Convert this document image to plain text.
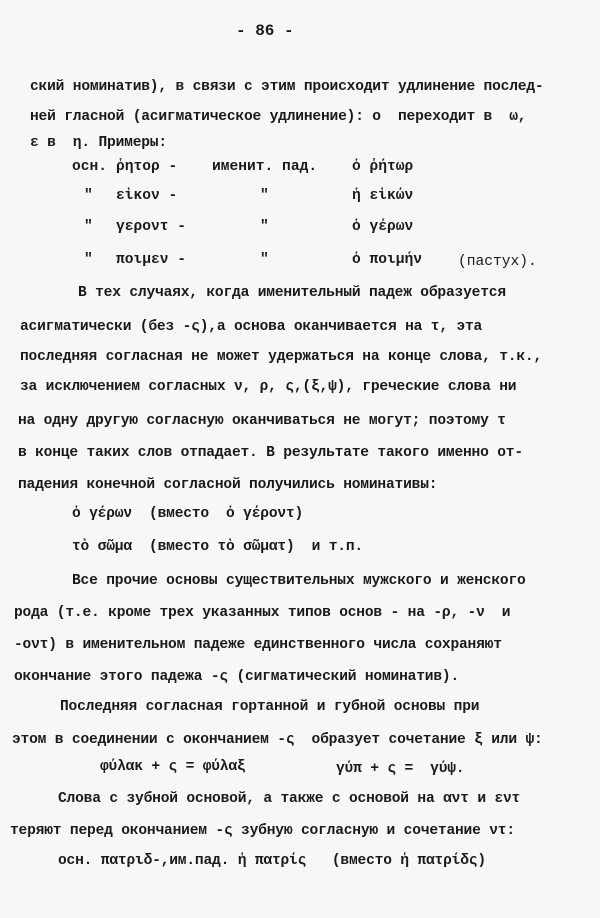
- 86 -
ский номинатив), в связи с этим происходит удлинение послед-
ней гласной (асигматическое удлинение): ο  переходит в  ω,
ε в  η. Примеры:
осн. ῥητορ - именит. пад. ὁ ῥήτωρ
" εἰκον -	"	ἡ εἰκών
" γεροντ -	"	ὁ γέρων
" ποιμεν -	"	ὁ ποιμήν (пастух).
В тех случаях, когда именительный падеж образуется
асигматически (без -ς),а основа оканчивается на τ, эта
последняя согласная не может удержаться на конце слова, т.к.,
за исключением согласных ν, ρ, ς,(ξ,ψ), греческие слова ни
на одну другую согласную оканчиваться не могут; поэтому τ
в конце таких слов отпадает. В результате такого именно от-
падения конечной согласной получились номинативы:
ὁ γέρων  (вместо  ὁ γέροντ)
τὸ σῶμα  (вместо τὸ σῶματ)  и т.п.
Все прочие основы существительных мужского и женского
рода (т.е. кроме трех указанных типов основ - на -ρ, -ν  и
-οντ) в именительном падеже единственного числа сохраняют
окончание этого падежа -ς (сигматический номинатив).
Последняя согласная гортанной и губной основы при
этом в соединении с окончанием -ς  образует сочетание ξ или ψ:
φύλακ + ς = φύλαξ	γύπ + ς =  γύψ.
Слова с зубной основой, а также с основой на αντ и εντ
теряют перед окончанием -ς зубную согласную и сочетание ντ:
осн. πατριδ-,им.пад. ἡ πατρίς   (вместо ἡ πατρίδς)
